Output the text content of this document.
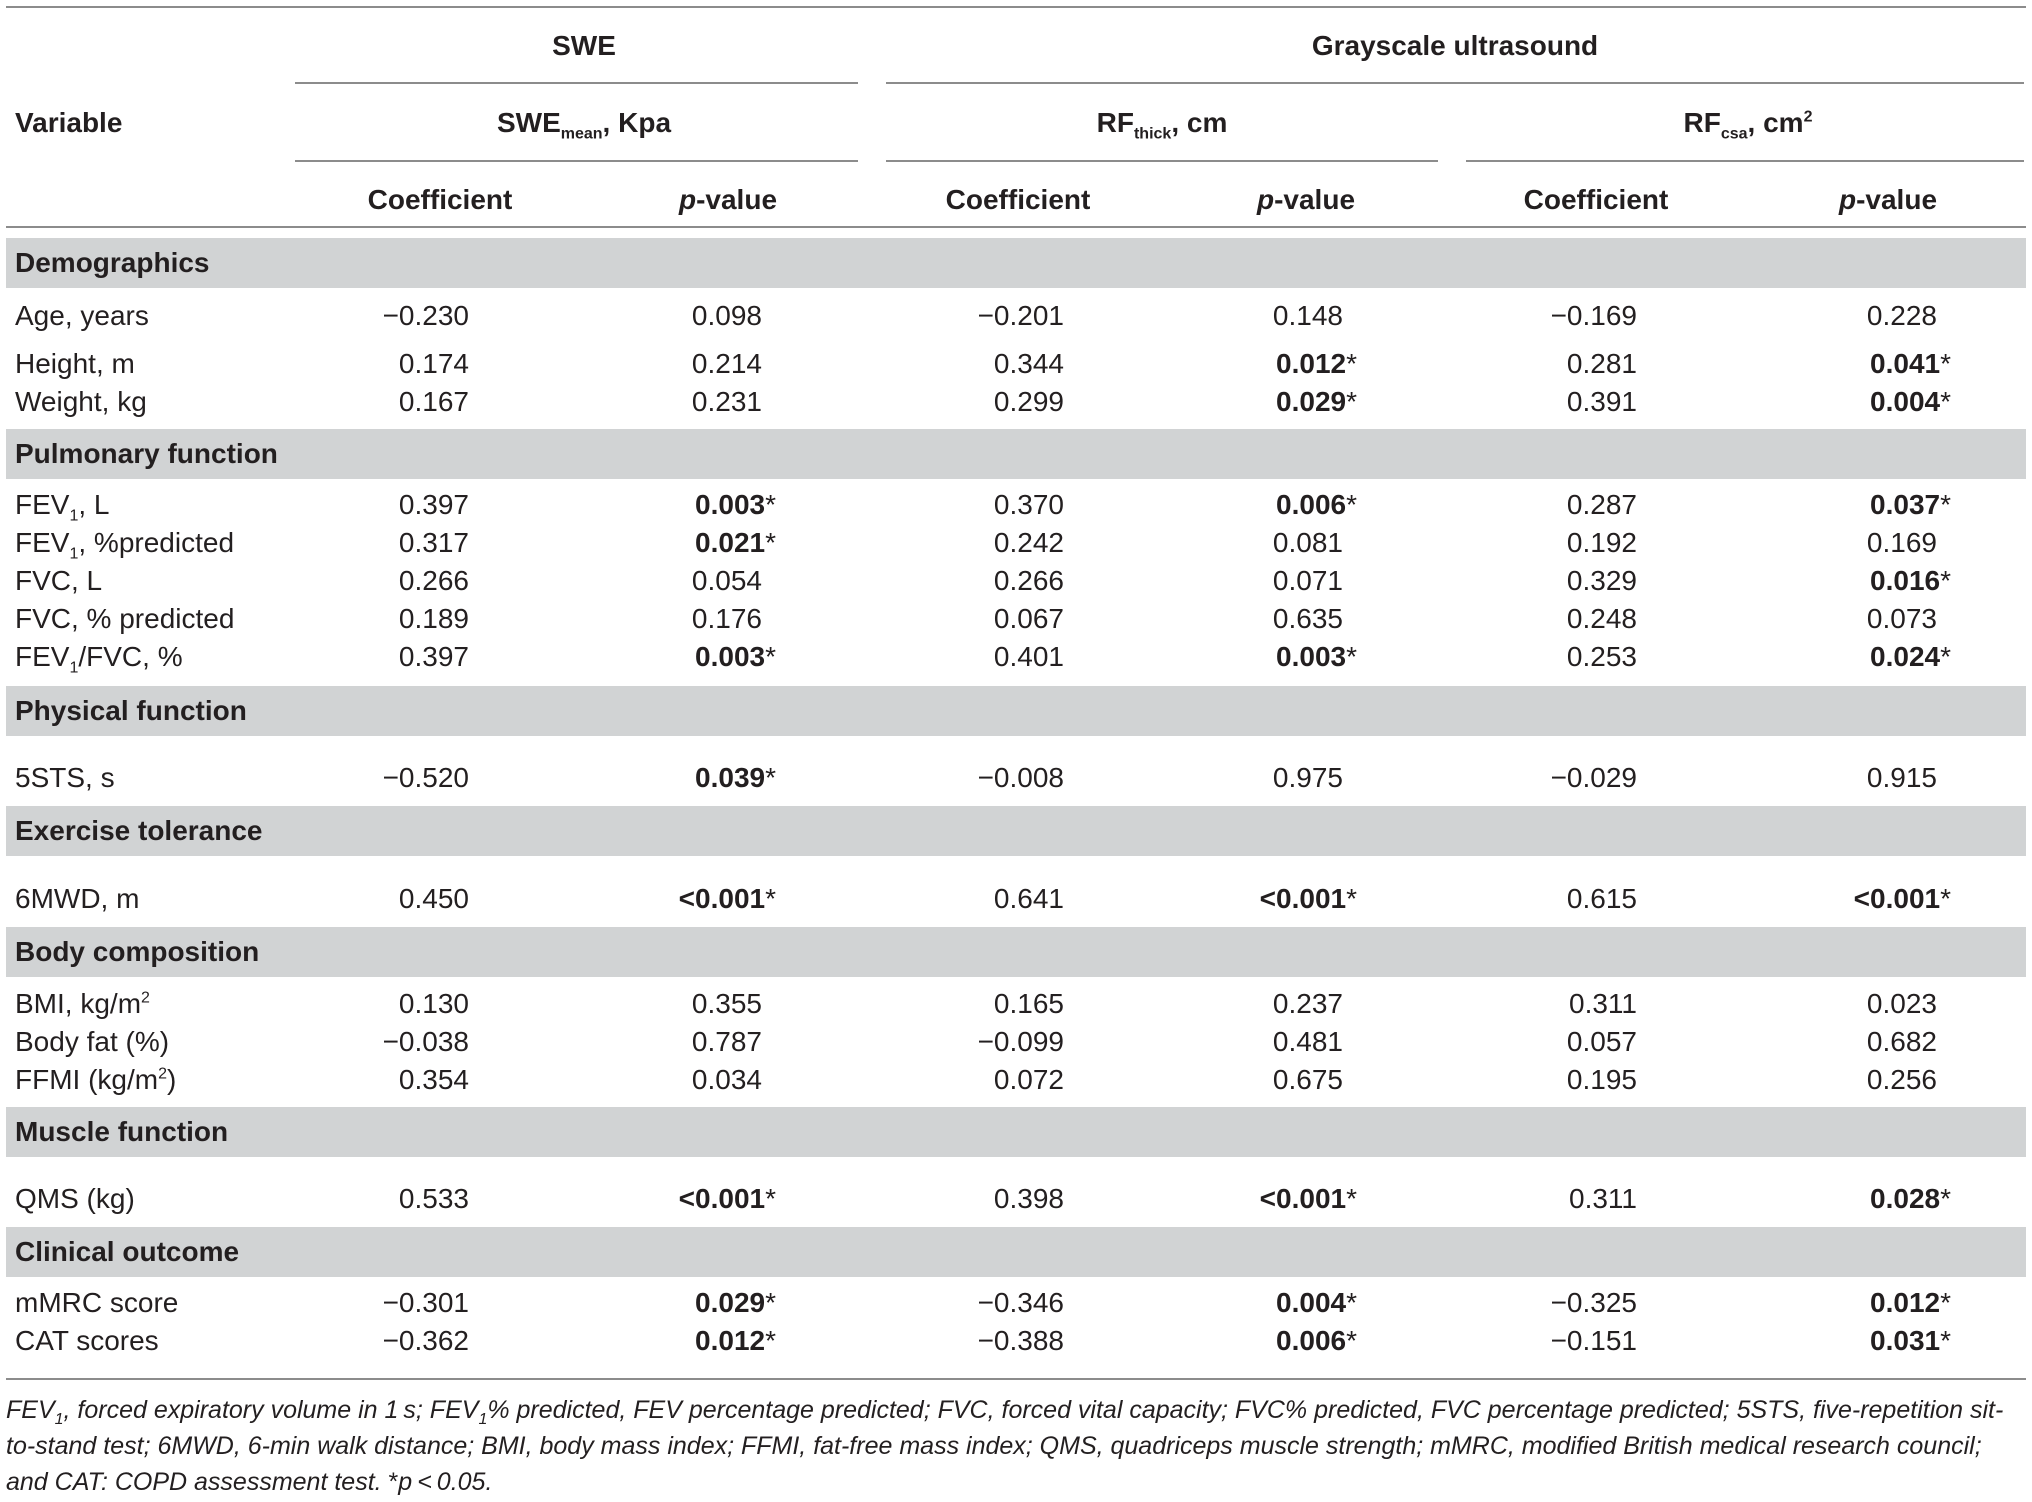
SWE	Grayscale ultrasound
Variable	$SWE_{mean}$, Kpa	$RF_{thick}$, cm	$RF_{csa}$, $cm^2$
Coefficient	p-value	Coefficient	p-value	Coefficient	p-value
Demographics
Age, years	−0.230	0.098	−0.201	0.148	−0.169	0.228
Height, m	0.174	0.214	0.344	0.012*	0.281	0.041*
Weight, kg	0.167	0.231	0.299	0.029*	0.391	0.004*
Pulmonary function
$FEV_1$, L	0.397	0.003*	0.370	0.006*	0.287	0.037*
$FEV_1$, %predicted	0.317	0.021*	0.242	0.081	0.192	0.169
FVC, L	0.266	0.054	0.266	0.071	0.329	0.016*
FVC, % predicted	0.189	0.176	0.067	0.635	0.248	0.073
$FEV_1$/FVC, %	0.397	0.003*	0.401	0.003*	0.253	0.024*
Physical function
5STS, s	−0.520	0.039*	−0.008	0.975	−0.029	0.915
Exercise tolerance
6MWD, m	0.450	<0.001*	0.641	<0.001*	0.615	<0.001*
Body composition
BMI, $kg/m^2$	0.130	0.355	0.165	0.237	0.311	0.023
Body fat (%)	−0.038	0.787	−0.099	0.481	0.057	0.682
FFMI $(kg/m^2)$	0.354	0.034	0.072	0.675	0.195	0.256
Muscle function
QMS (kg)	0.533	<0.001*	0.398	<0.001*	0.311	0.028*
Clinical outcome
mMRC score	−0.301	0.029*	−0.346	0.004*	−0.325	0.012*
CAT scores	−0.362	0.012*	−0.388	0.006*	−0.151	0.031*
$FEV_1$, forced expiratory volume in 1 s; $FEV_1\%$ predicted, FEV percentage predicted; FVC, forced vital capacity; FVC% predicted, FVC percentage predicted; 5STS, five-repetition sit-to-stand test; 6MWD, 6-min walk distance; BMI, body mass index; FFMI, fat-free mass index; QMS, quadriceps muscle strength; mMRC, modified British medical research council; and CAT: COPD assessment test. *p < 0.05.
